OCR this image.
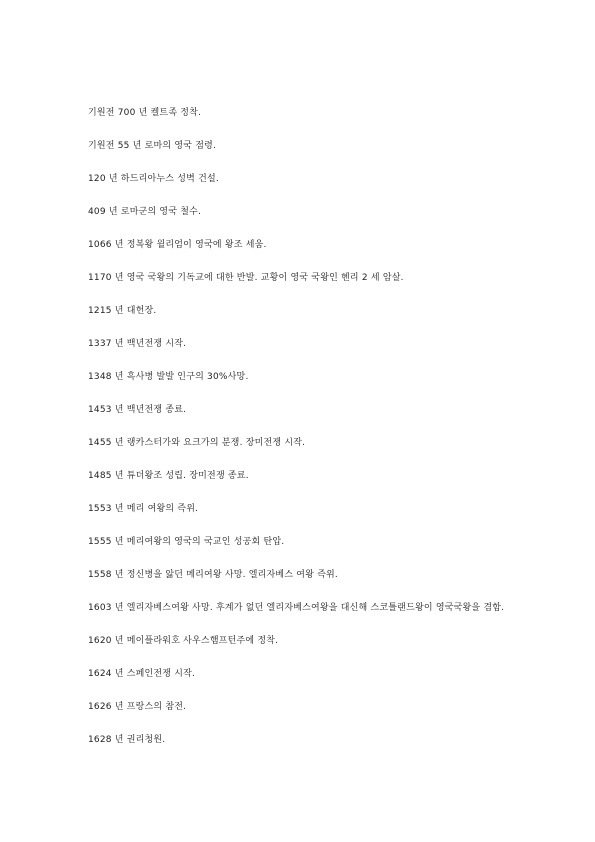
기원전 700 년 켈트족 정착.
기원전 55 년 로마의 영국 점령.
120 년 하드리아누스 성벽 건설.
409 년 로마군의 영국 철수.
1066 년 정복왕 윌리엄이 영국에 왕조 세움.
1170 년 영국 국왕의 기독교에 대한 반발. 교황이 영국 국왕인 헨리 2 세 암살.
1215 년 대헌장.
1337 년 백년전쟁 시작.
1348 년 흑사병 발발 인구의 30%사망.
1453 년 백년전쟁 종료.
1455 년 랭카스터가와 요크가의 분쟁. 장미전쟁 시작.
1485 년 튜더왕조 성립. 장미전쟁 종료.
1553 년 메리 여왕의 즉위.
1555 년 메리여왕의 영국의 국교인 성공회 탄압.
1558 년 정신병을 앓던 메리여왕 사망. 엘리자베스 여왕 즉위.
1603 년 엘리자베스여왕 사망. 후계가 없던 엘리자베스여왕을 대신해 스코틀랜드왕이 영국국왕을 겸함.
1620 년 메이플라워호 사우스햄프턴주에 정착.
1624 년 스페인전쟁 시작.
1626 년 프랑스의 참전.
1628 년 권리청원.
